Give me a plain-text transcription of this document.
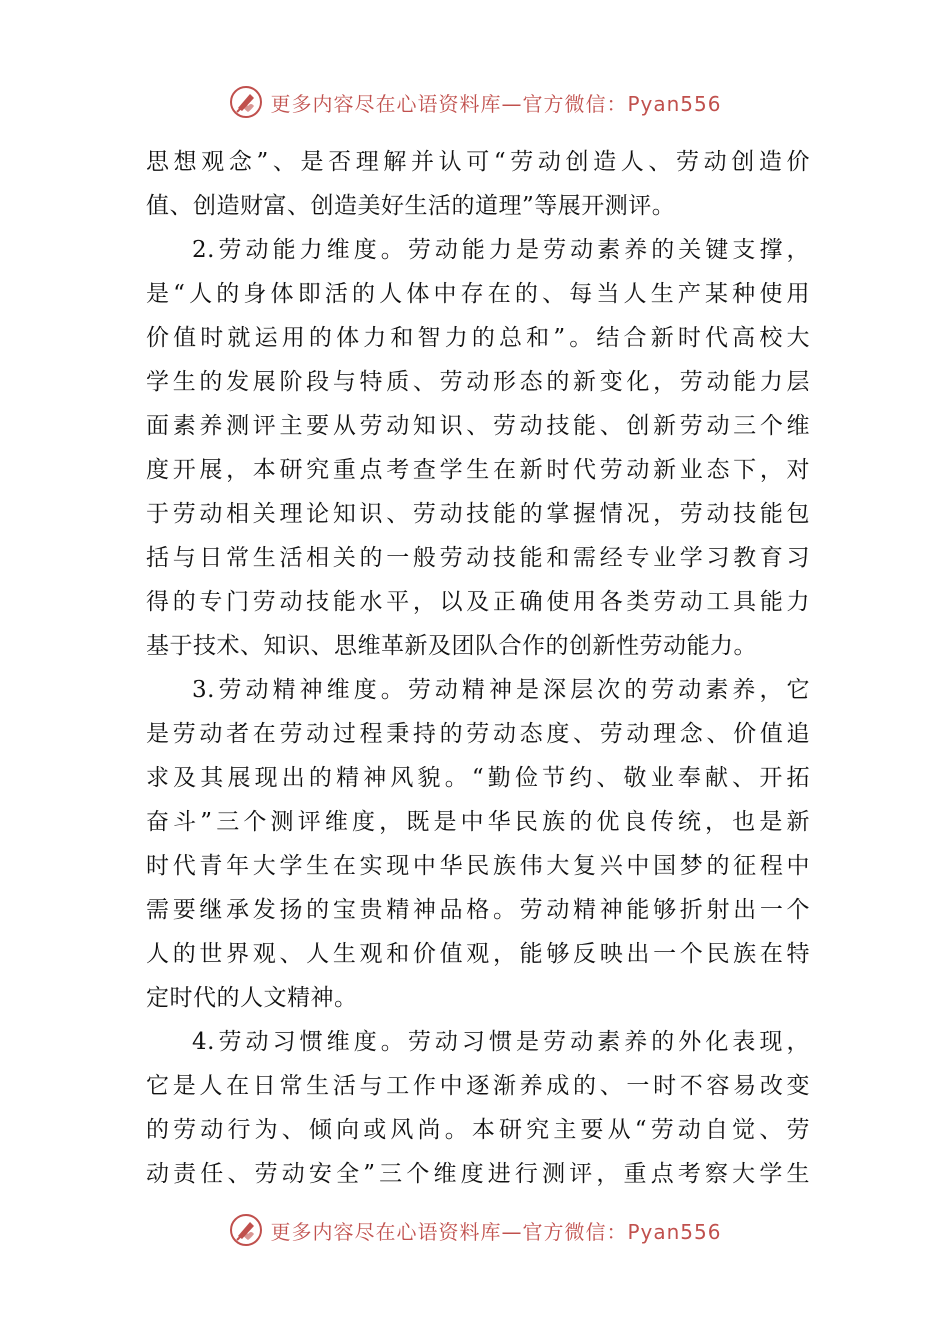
更多内容尽在心语资料库—官方微信：Pyan556
思想观念”、是否理解并认可“劳动创造人、劳动创造价
值、创造财富、创造美好生活的道理”等展开测评。
2.劳动能力维度。劳动能力是劳动素养的关键支撑，
是“人的身体即活的人体中存在的、每当人生产某种使用
价值时就运用的体力和智力的总和”。结合新时代高校大
学生的发展阶段与特质、劳动形态的新变化，劳动能力层
面素养测评主要从劳动知识、劳动技能、创新劳动三个维
度开展，本研究重点考查学生在新时代劳动新业态下，对
于劳动相关理论知识、劳动技能的掌握情况，劳动技能包
括与日常生活相关的一般劳动技能和需经专业学习教育习
得的专门劳动技能水平，以及正确使用各类劳动工具能力
基于技术、知识、思维革新及团队合作的创新性劳动能力。
3.劳动精神维度。劳动精神是深层次的劳动素养，它
是劳动者在劳动过程秉持的劳动态度、劳动理念、价值追
求及其展现出的精神风貌。“勤俭节约、敬业奉献、开拓
奋斗”三个测评维度，既是中华民族的优良传统，也是新
时代青年大学生在实现中华民族伟大复兴中国梦的征程中
需要继承发扬的宝贵精神品格。劳动精神能够折射出一个
人的世界观、人生观和价值观，能够反映出一个民族在特
定时代的人文精神。
4.劳动习惯维度。劳动习惯是劳动素养的外化表现，
它是人在日常生活与工作中逐渐养成的、一时不容易改变
的劳动行为、倾向或风尚。本研究主要从“劳动自觉、劳
动责任、劳动安全”三个维度进行测评，重点考察大学生
更多内容尽在心语资料库—官方微信：Pyan556
